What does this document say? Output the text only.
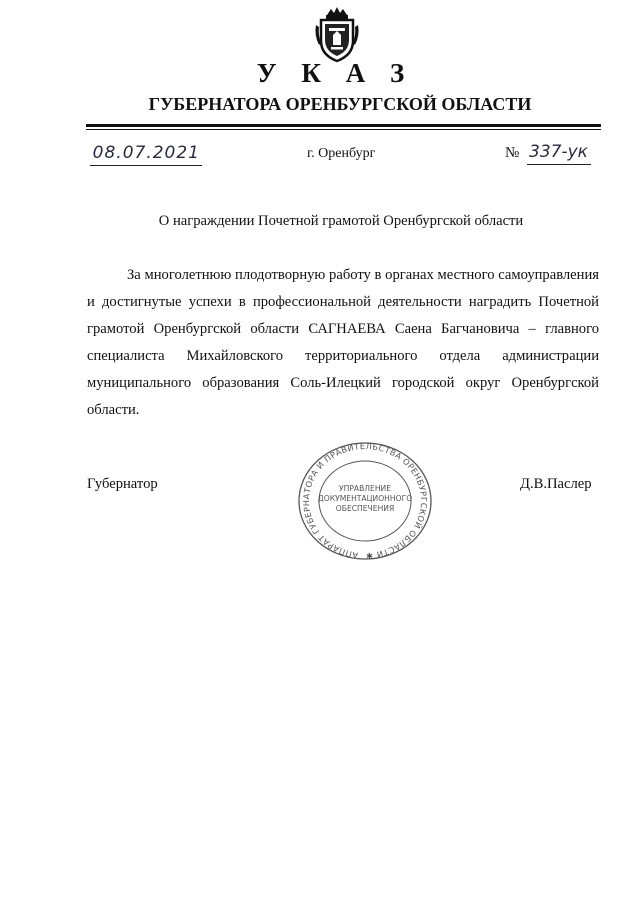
У К А З
ГУБЕРНАТОРА ОРЕНБУРГСКОЙ ОБЛАСТИ
08.07.2021	г. Оренбург	№ 337-ук
О награждении Почетной грамотой Оренбургской области

За многолетнюю плодотворную работу в органах местного самоуправления и достигнутые успехи в профессиональной деятельности наградить Почетной грамотой Оренбургской области САГНАЕВА Саена Багчановича – главного специалиста Михайловского территориального отдела администрации муниципального образования Соль-Илецкий городской округ Оренбургской области.

Губернатор	Д.В.Паслер
АППАРАТ ГУБЕРНАТОРА И ПРАВИТЕЛЬСТВА ОРЕНБУРГСКОЙ ОБЛАСТИ ✱
УПРАВЛЕНИЕ
ДОКУМЕНТАЦИОННОГО
ОБЕСПЕЧЕНИЯ
